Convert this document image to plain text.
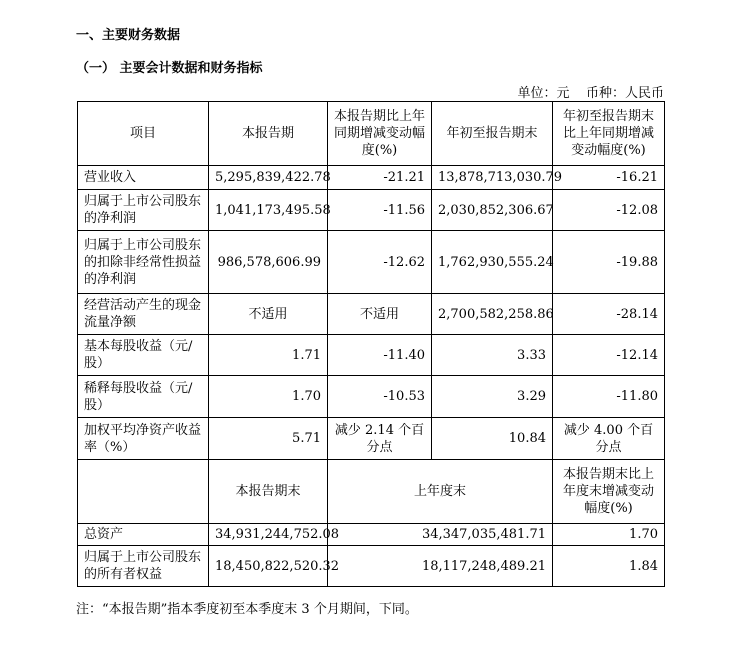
一、主要财务数据
（一） 主要会计数据和财务指标
单位：元    币种：人民币
项目	本报告期	本报告期比上年同期增减变动幅度(%)	年初至报告期末	年初至报告期末比上年同期增减变动幅度(%)
营业收入	5,295,839,422.78	-21.21	13,878,713,030.79	-16.21
归属于上市公司股东的净利润	1,041,173,495.58	-11.56	2,030,852,306.67	-12.08
归属于上市公司股东的扣除非经常性损益的净利润	986,578,606.99	-12.62	1,762,930,555.24	-19.88
经营活动产生的现金流量净额	不适用	不适用	2,700,582,258.86	-28.14
基本每股收益（元/股）	1.71	-11.40	3.33	-12.14
稀释每股收益（元/股）	1.70	-10.53	3.29	-11.80
加权平均净资产收益率（%）	5.71	减少 2.14 个百分点	10.84	减少 4.00 个百分点
	本报告期末	上年度末		本报告期末比上年度末增减变动幅度(%)
总资产	34,931,244,752.08	34,347,035,481.71		1.70
归属于上市公司股东的所有者权益	18,450,822,520.32	18,117,248,489.21		1.84
注：“本报告期”指本季度初至本季度末 3 个月期间，下同。
